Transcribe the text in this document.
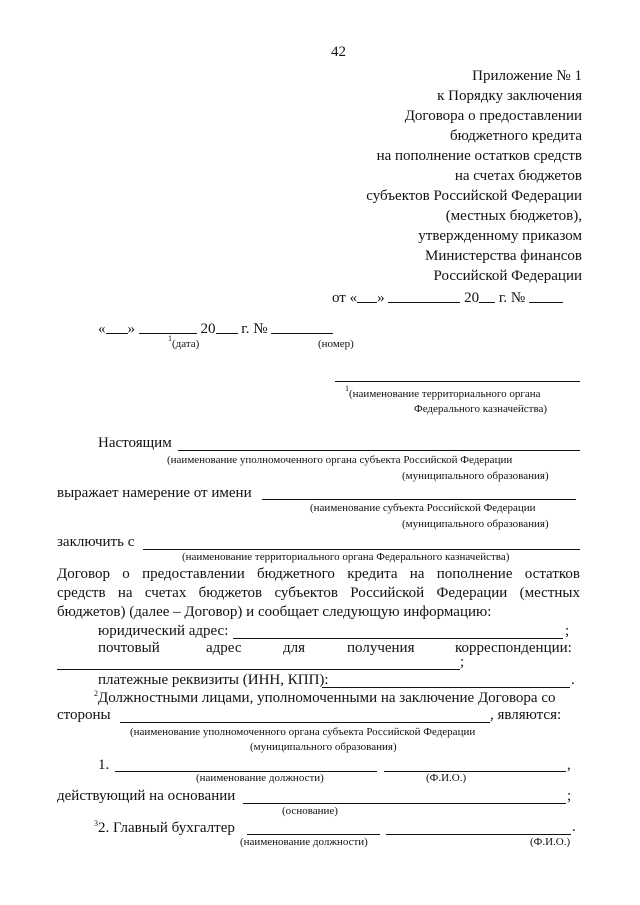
42
Приложение № 1
к Порядку заключения
Договора о предоставлении
бюджетного кредита
на пополнение остатков средств
на счетах бюджетов
субъектов Российской Федерации
(местных бюджетов),
утвержденному приказом
Министерства финансов
Российской Федерации
от « »	20 г. №
« »	20 г. №
$^1$(дата)	(номер)
$^1$(наименование территориального органа
Федерального казначейства)
Настоящим
(наименование уполномоченного органа субъекта Российской Федерации
(муниципального образования)
выражает намерение от имени
(наименование субъекта Российской Федерации
(муниципального образования)
заключить с
(наименование территориального органа Федерального казначейства)
Договор о предоставлении бюджетного кредита на пополнение остатков
средств на счетах бюджетов субъектов Российской Федерации (местных
бюджетов) (далее – Договор) и сообщает следующую информацию:
юридический адрес:	;
почтовый	адрес	для	получения	корреспонденции:
;
платежные реквизиты (ИНН, КПП):	.
$^2$Должностными лицами, уполномоченными на заключение Договора со
стороны	, являются:
(наименование уполномоченного органа субъекта Российской Федерации
(муниципального образования)
1.	,
(наименование должности)	(Ф.И.О.)
действующий на основании	;
(основание)
$^3$2. Главный бухгалтер	.
(наименование должности)	(Ф.И.О.)
